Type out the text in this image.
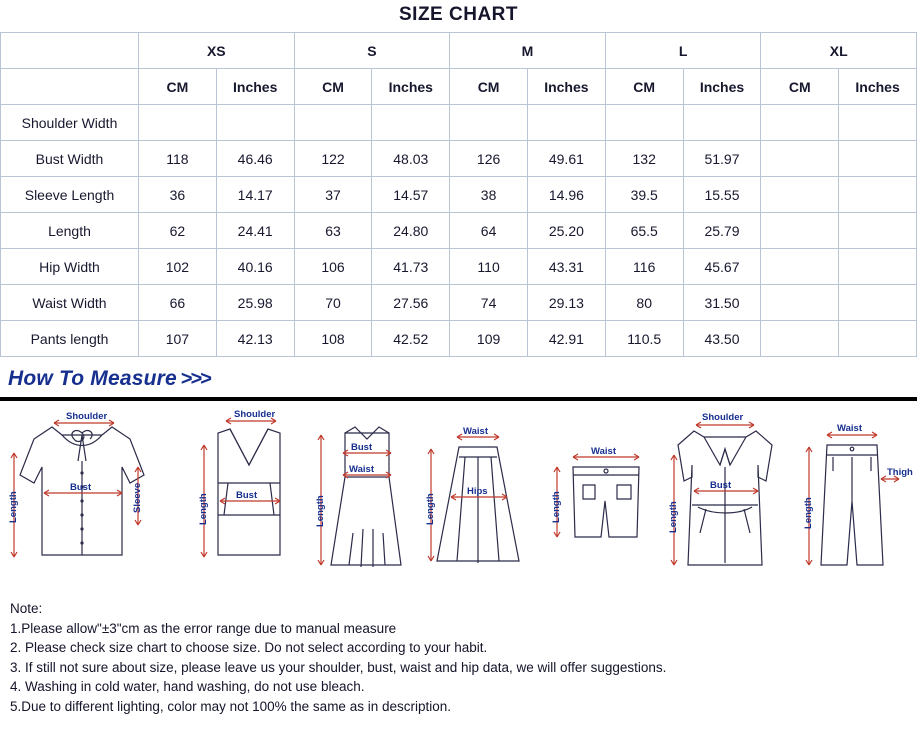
SIZE CHART
	XS		S		M		L		XL	
	CM	Inches	CM	Inches	CM	Inches	CM	Inches	CM	Inches
Shoulder Width										
Bust Width	118	46.46	122	48.03	126	49.61	132	51.97		
Sleeve Length	36	14.17	37	14.57	38	14.96	39.5	15.55		
Length	62	24.41	63	24.80	64	25.20	65.5	25.79		
Hip Width	102	40.16	106	41.73	110	43.31	116	45.67		
Waist Width	66	25.98	70	27.56	74	29.13	80	31.50		
Pants length	107	42.13	108	42.52	109	42.91	110.5	43.50		
How To Measure >>>
Shoulder
Bust	Sleeve
Length
Shoulder
Bust
Length
Bust
Waist
Length
Waist
Hips
Length
Waist
Length
Shoulder
Bust
Length
Waist
Thigh
Length
Note:
1.Please allow"±3"cm as the error range due to manual measure
2. Please check size chart to choose size. Do not select according to your habit.
3. If still not sure about size, please leave us your shoulder, bust, waist and hip data, we will offer suggestions.
4. Washing in cold water, hand washing, do not use bleach.
5.Due to different lighting, color may not 100% the same as in description.
